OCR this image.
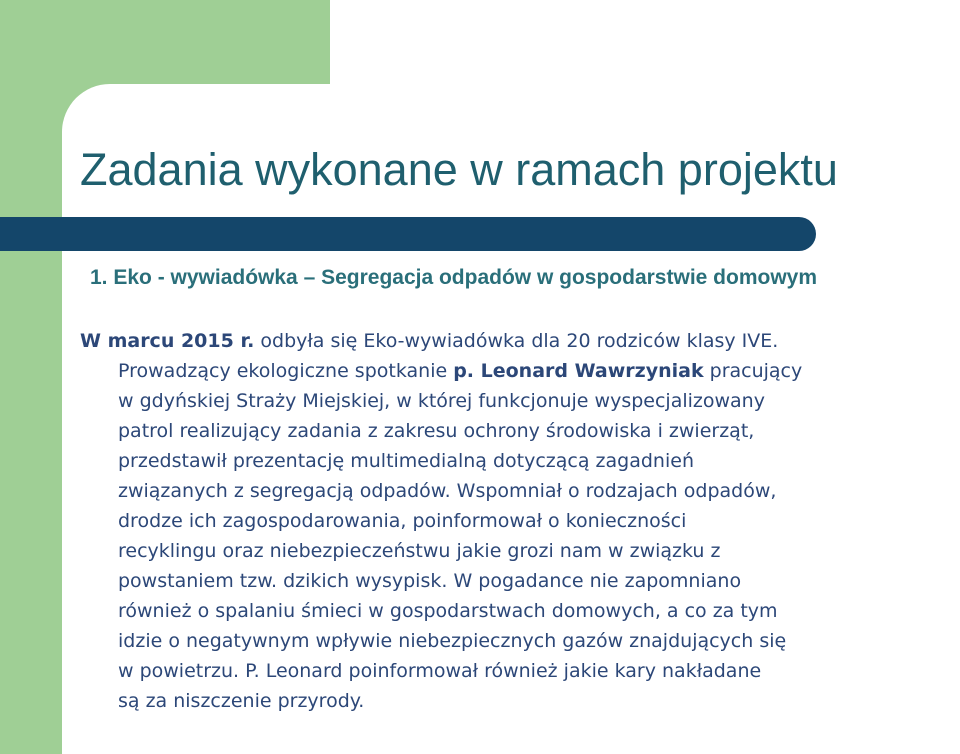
Zadania wykonane w ramach projektu
1. Eko - wywiadówka – Segregacja odpadów w gospodarstwie domowym
W marcu 2015 r. odbyła się Eko-wywiadówka dla 20 rodziców klasy IVE.
Prowadzący ekologiczne spotkanie p. Leonard Wawrzyniak pracujący
w gdyńskiej Straży Miejskiej, w której funkcjonuje wyspecjalizowany
patrol realizujący zadania z zakresu ochrony środowiska i zwierząt,
przedstawił prezentację multimedialną dotyczącą zagadnień
związanych z segregacją odpadów. Wspomniał o rodzajach odpadów,
drodze ich zagospodarowania, poinformował o konieczności
recyklingu oraz niebezpieczeństwu jakie grozi nam w związku z
powstaniem tzw. dzikich wysypisk. W pogadance nie zapomniano
również o spalaniu śmieci w gospodarstwach domowych, a co za tym
idzie o negatywnym wpływie niebezpiecznych gazów znajdujących się
w powietrzu. P. Leonard poinformował również jakie kary nakładane
są za niszczenie przyrody.
